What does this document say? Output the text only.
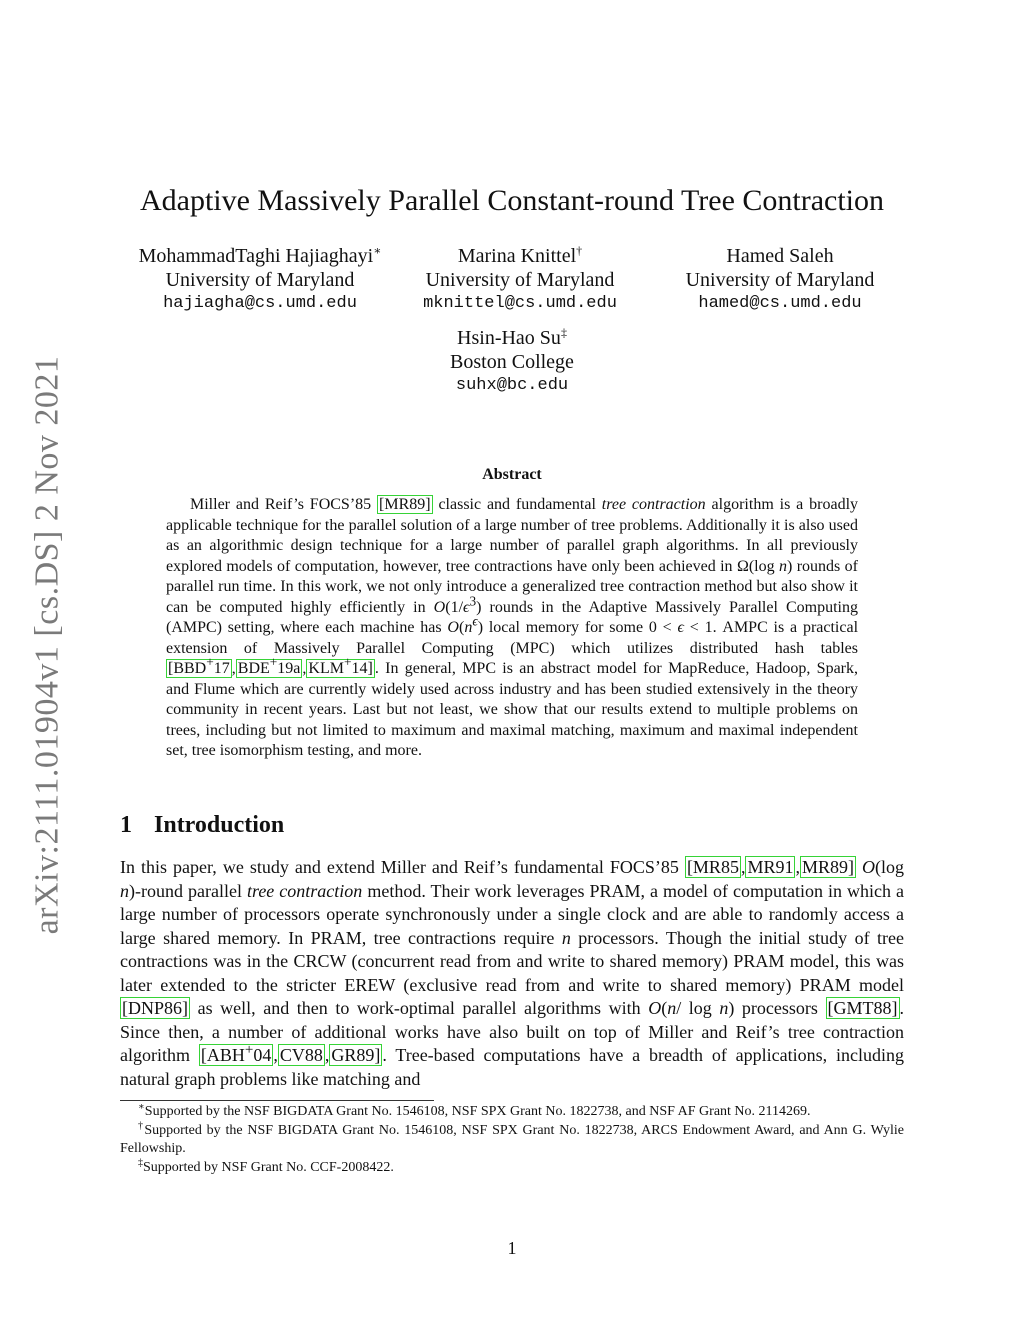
arXiv:2111.01904v1 [cs.DS] 2 Nov 2021
Adaptive Massively Parallel Constant-round Tree Contraction
MohammadTaghi Hajiaghayi∗
University of Maryland
hajiagha@cs.umd.edu
Marina Knittel†
University of Maryland
mknittel@cs.umd.edu
Hamed Saleh
University of Maryland
hamed@cs.umd.edu
Hsin-Hao Su‡
Boston College
suhx@bc.edu
Abstract
Miller and Reif’s FOCS’85 [MR89] classic and fundamental tree contraction algorithm is a broadly applicable technique for the parallel solution of a large number of tree problems. Additionally it is also used as an algorithmic design technique for a large number of parallel graph algorithms. In all previously explored models of computation, however, tree contractions have only been achieved in Ω(log n) rounds of parallel run time. In this work, we not only introduce a generalized tree contraction method but also show it can be computed highly efficiently in $O(1/\epsilon^3)$ rounds in the Adaptive Massively Parallel Computing (AMPC) setting, where each machine has $O(n^\epsilon)$ local memory for some 0 < ϵ < 1. AMPC is a practical extension of Massively Parallel Computing (MPC) which utilizes distributed hash tables [BBD+17 , BDE+19a , KLM+14] . In general, MPC is an abstract model for MapReduce, Hadoop, Spark, and Flume which are currently widely used across industry and has been studied extensively in the theory community in recent years. Last but not least, we show that our results extend to multiple problems on trees, including but not limited to maximum and maximal matching, maximum and maximal independent set, tree isomorphism testing, and more.
1 Introduction
In this paper, we study and extend Miller and Reif’s fundamental FOCS’85 [MR85 , MR91 , MR89] O(log n)-round parallel tree contraction method. Their work leverages PRAM, a model of computation in which a large number of processors operate synchronously under a single clock and are able to randomly access a large shared memory. In PRAM, tree contractions require n processors. Though the initial study of tree contractions was in the CRCW (concurrent read from and write to shared memory) PRAM model, this was later extended to the stricter EREW (exclusive read from and write to shared memory) PRAM model [DNP86] as well, and then to work-optimal parallel algorithms with O(n/ log n) processors [GMT88] . Since then, a number of additional works have also built on top of Miller and Reif’s tree contraction algorithm [ABH+04 , CV88 , GR89] . Tree-based computations have a breadth of applications, including natural graph problems like matching and

∗Supported by the NSF BIGDATA Grant No. 1546108, NSF SPX Grant No. 1822738, and NSF AF Grant No. 2114269.

†Supported by the NSF BIGDATA Grant No. 1546108, NSF SPX Grant No. 1822738, ARCS Endowment Award, and Ann G. Wylie Fellowship.

‡Supported by NSF Grant No. CCF-2008422.

1
